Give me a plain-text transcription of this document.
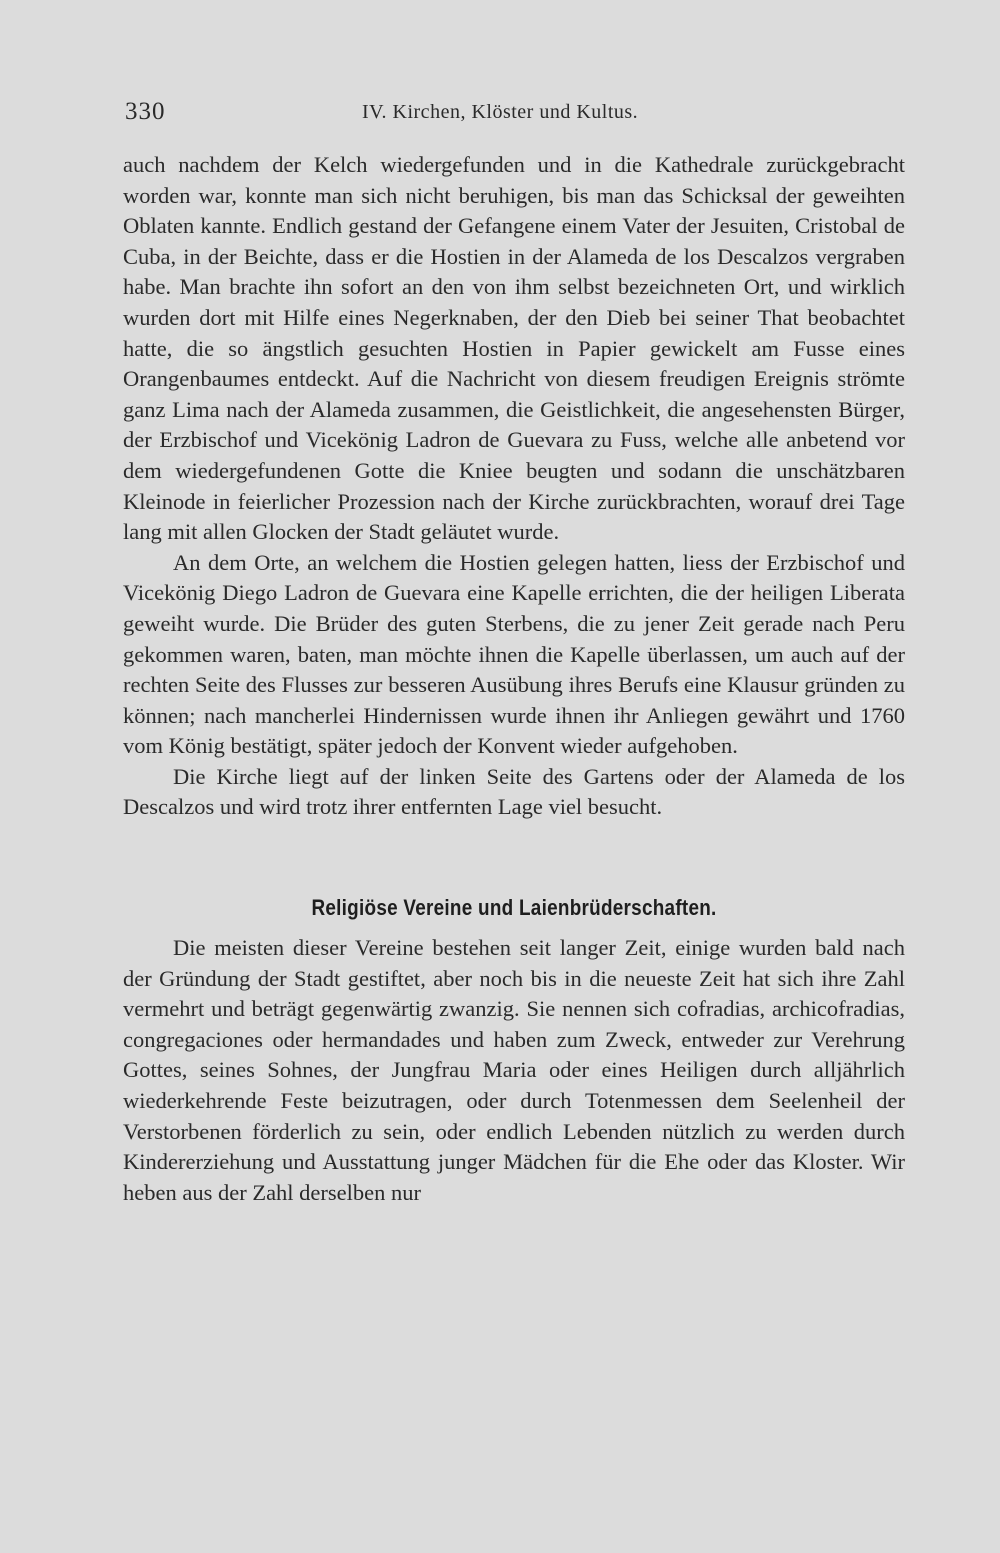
330	IV. Kirchen, Klöster und Kultus.

auch nachdem der Kelch wiedergefunden und in die Kathedrale zurückgebracht worden war, konnte man sich nicht beruhigen, bis man das Schicksal der geweihten Oblaten kannte. Endlich gestand der Gefangene einem Vater der Jesuiten, Cristobal de Cuba, in der Beichte, dass er die Hostien in der Alameda de los Descalzos vergraben habe. Man brachte ihn sofort an den von ihm selbst bezeichneten Ort, und wirklich wurden dort mit Hilfe eines Negerknaben, der den Dieb bei seiner That beobachtet hatte, die so ängstlich gesuchten Hostien in Papier gewickelt am Fusse eines Orangenbaumes entdeckt. Auf die Nachricht von diesem freudigen Ereignis strömte ganz Lima nach der Alameda zusammen, die Geistlichkeit, die angesehensten Bürger, der Erzbischof und Vicekönig Ladron de Guevara zu Fuss, welche alle anbetend vor dem wiedergefundenen Gotte die Kniee beugten und sodann die unschätzbaren Kleinode in feierlicher Prozession nach der Kirche zurückbrachten, worauf drei Tage lang mit allen Glocken der Stadt geläutet wurde.

An dem Orte, an welchem die Hostien gelegen hatten, liess der Erzbischof und Vicekönig Diego Ladron de Guevara eine Kapelle errichten, die der heiligen Liberata geweiht wurde. Die Brüder des guten Sterbens, die zu jener Zeit gerade nach Peru gekommen waren, baten, man möchte ihnen die Kapelle überlassen, um auch auf der rechten Seite des Flusses zur besseren Ausübung ihres Berufs eine Klausur gründen zu können; nach mancherlei Hindernissen wurde ihnen ihr Anliegen gewährt und 1760 vom König bestätigt, später jedoch der Konvent wieder aufgehoben.

Die Kirche liegt auf der linken Seite des Gartens oder der Alameda de los Descalzos und wird trotz ihrer entfernten Lage viel besucht.

Religiöse Vereine und Laienbrüderschaften.

Die meisten dieser Vereine bestehen seit langer Zeit, einige wurden bald nach der Gründung der Stadt gestiftet, aber noch bis in die neueste Zeit hat sich ihre Zahl vermehrt und beträgt gegenwärtig zwanzig. Sie nennen sich cofradias, archicofradias, congregaciones oder hermandades und haben zum Zweck, entweder zur Verehrung Gottes, seines Sohnes, der Jungfrau Maria oder eines Heiligen durch alljährlich wiederkehrende Feste beizutragen, oder durch Totenmessen dem Seelenheil der Verstorbenen förderlich zu sein, oder endlich Lebenden nützlich zu werden durch Kindererziehung und Ausstattung junger Mädchen für die Ehe oder das Kloster. Wir heben aus der Zahl derselben nur
